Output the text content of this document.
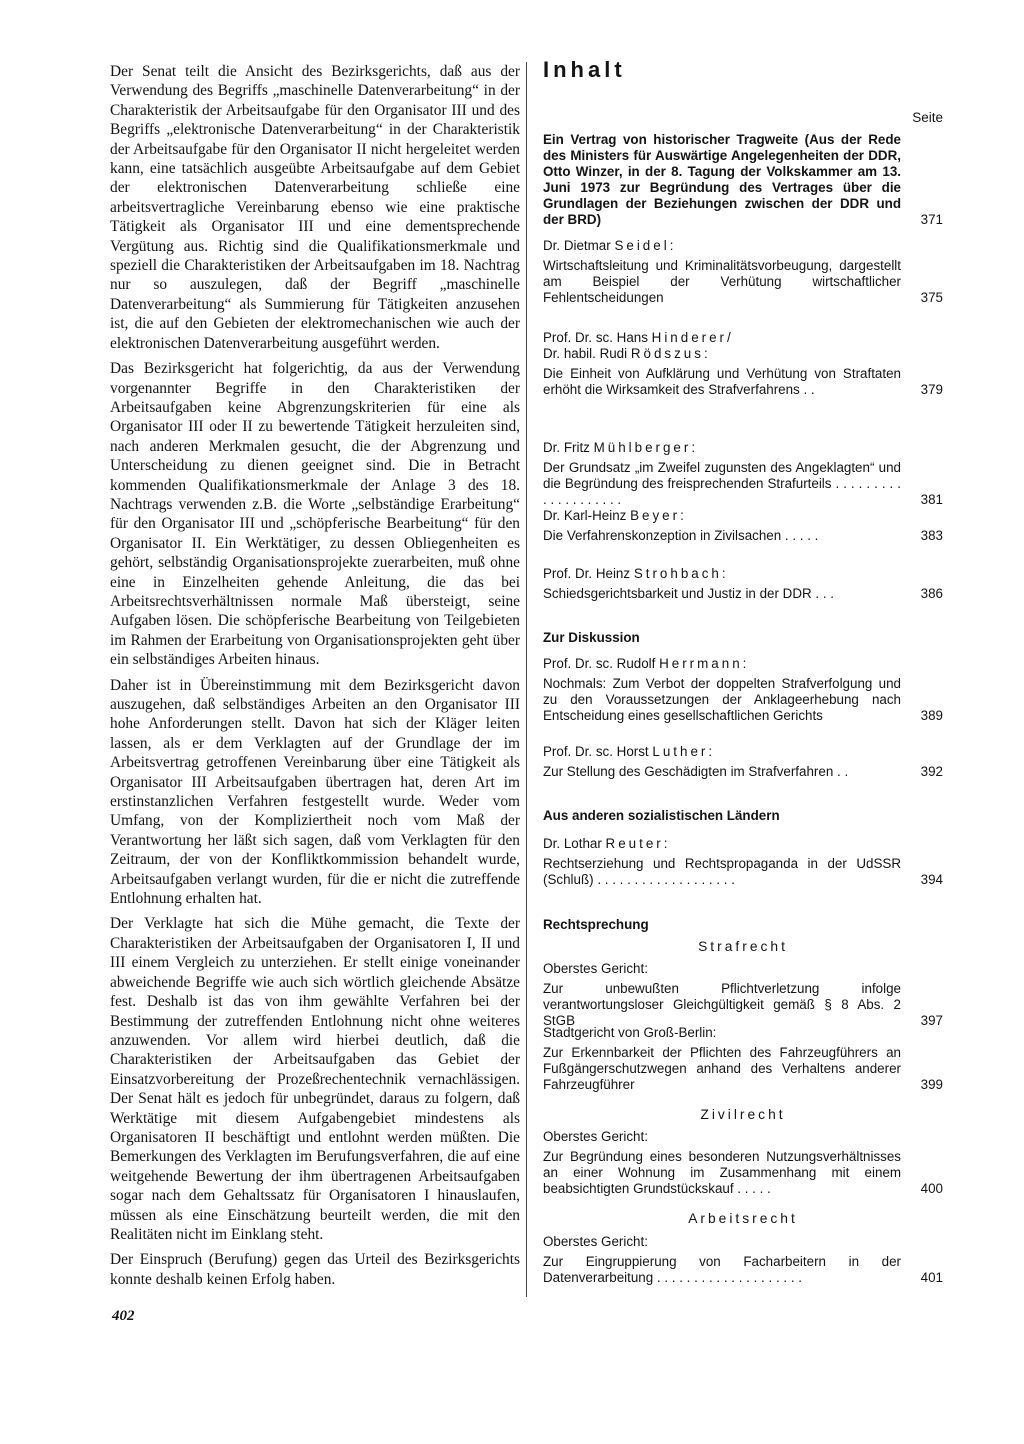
Der Senat teilt die Ansicht des Bezirksgerichts, daß aus der Verwendung des Begriffs „maschinelle Datenverarbeitung“ in der Charakteristik der Arbeitsaufgabe für den Organisator III und des Begriffs „elektronische Datenverarbeitung“ in der Charakteristik der Arbeitsaufgabe für den Organisator II nicht hergeleitet werden kann, eine tatsächlich ausgeübte Arbeitsaufgabe auf dem Gebiet der elektronischen Datenverarbeitung schließe eine arbeitsvertragliche Vereinbarung ebenso wie eine praktische Tätigkeit als Organisator III und eine dementsprechende Vergütung aus. Richtig sind die Qualifikationsmerkmale und speziell die Charakteristiken der Arbeitsaufgaben im 18. Nachtrag nur so auszulegen, daß der Begriff „maschinelle Datenverarbeitung“ als Summierung für Tätigkeiten anzusehen ist, die auf den Gebieten der elektromechanischen wie auch der elektronischen Datenverarbeitung ausgeführt werden.

Das Bezirksgericht hat folgerichtig, da aus der Verwendung vorgenannter Begriffe in den Charakteristiken der Arbeitsaufgaben keine Abgrenzungskriterien für eine als Organisator III oder II zu bewertende Tätigkeit herzuleiten sind, nach anderen Merkmalen gesucht, die der Abgrenzung und Unterscheidung zu dienen geeignet sind. Die in Betracht kommenden Qualifikationsmerkmale der Anlage 3 des 18. Nachtrags verwenden z.B. die Worte „selbständige Erarbeitung“ für den Organisator III und „schöpferische Bearbeitung“ für den Organisator II. Ein Werktätiger, zu dessen Obliegenheiten es gehört, selbständig Organisationsprojekte zuerarbeiten, muß ohne eine in Einzelheiten gehende Anleitung, die das bei Arbeitsrechtsverhältnissen normale Maß übersteigt, seine Aufgaben lösen. Die schöpferische Bearbeitung von Teilgebieten im Rahmen der Erarbeitung von Organisationsprojekten geht über ein selbständiges Arbeiten hinaus.

Daher ist in Übereinstimmung mit dem Bezirksgericht davon auszugehen, daß selbständiges Arbeiten an den Organisator III hohe Anforderungen stellt. Davon hat sich der Kläger leiten lassen, als er dem Verklagten auf der Grundlage der im Arbeitsvertrag getroffenen Vereinbarung über eine Tätigkeit als Organisator III Arbeitsaufgaben übertragen hat, deren Art im erstinstanzlichen Verfahren festgestellt wurde. Weder vom Umfang, von der Kompliziertheit noch vom Maß der Verantwortung her läßt sich sagen, daß vom Verklagten für den Zeitraum, der von der Konfliktkommission behandelt wurde, Arbeitsaufgaben verlangt wurden, für die er nicht die zutreffende Entlohnung erhalten hat.

Der Verklagte hat sich die Mühe gemacht, die Texte der Charakteristiken der Arbeitsaufgaben der Organisatoren I, II und III einem Vergleich zu unterziehen. Er stellt einige voneinander abweichende Begriffe wie auch sich wörtlich gleichende Absätze fest. Deshalb ist das von ihm gewählte Verfahren bei der Bestimmung der zutreffenden Entlohnung nicht ohne weiteres anzuwenden. Vor allem wird hierbei deutlich, daß die Charakteristiken der Arbeitsaufgaben das Gebiet der Einsatzvorbereitung der Prozeßrechentechnik vernachlässigen. Der Senat hält es jedoch für unbegründet, daraus zu folgern, daß Werktätige mit diesem Aufgabengebiet mindestens als Organisatoren II beschäftigt und entlohnt werden müßten. Die Bemerkungen des Verklagten im Berufungsverfahren, die auf eine weitgehende Bewertung der ihm übertragenen Arbeitsaufgaben sogar nach dem Gehaltssatz für Organisatoren I hinauslaufen, müssen als eine Einschätzung beurteilt werden, die mit den Realitäten nicht im Einklang steht.

Der Einspruch (Berufung) gegen das Urteil des Bezirksgerichts konnte deshalb keinen Erfolg haben.

402
Inhalt
Seite
Ein Vertrag von historischer Tragweite (Aus der Rede des Ministers für Auswärtige Angelegenheiten der DDR, Otto Winzer, in der 8. Tagung der Volkskammer am 13. Juni 1973 zur Begründung des Vertrages über die Grundlagen der Beziehungen zwischen der DDR und der BRD)	371

Dr. Dietmar Seidel:

Wirtschaftsleitung und Kriminalitätsvorbeugung, dargestellt am Beispiel der Verhütung wirtschaftlicher Fehlentscheidungen	375

Prof. Dr. sc. Hans Hinderer/

Dr. habil. Rudi Rödszus:

Die Einheit von Aufklärung und Verhütung von Straftaten erhöht die Wirksamkeit des Strafverfahrens . .	379

Dr. Fritz Mühlberger:

Der Grundsatz „im Zweifel zugunsten des Angeklagten“ und die Begründung des freisprechenden Strafurteils . . . . . . . . . . . . . . . . . . . .	381

Dr. Karl-Heinz Beyer:

Die Verfahrenskonzeption in Zivilsachen . . . . .	383

Prof. Dr. Heinz Strohbach:

Schiedsgerichtsbarkeit und Justiz in der DDR . . .	386
Zur Diskussion

Prof. Dr. sc. Rudolf Herrmann:

Nochmals: Zum Verbot der doppelten Strafverfolgung und zu den Voraussetzungen der Anklageerhebung nach Entscheidung eines gesellschaftlichen Gerichts	389

Prof. Dr. sc. Horst Luther:

Zur Stellung des Geschädigten im Strafverfahren . .	392
Aus anderen sozialistischen Ländern

Dr. Lothar Reuter:

Rechtserziehung und Rechtspropaganda in der UdSSR (Schluß) . . . . . . . . . . . . . . . . . . .	394
Rechtsprechung
Strafrecht

Oberstes Gericht:

Zur unbewußten Pflichtverletzung infolge verantwortungsloser Gleichgültigkeit gemäß § 8 Abs. 2 StGB	397

Stadtgericht von Groß-Berlin:

Zur Erkennbarkeit der Pflichten des Fahrzeugführers an Fußgängerschutzwegen anhand des Verhaltens anderer Fahrzeugführer	399
Zivilrecht

Oberstes Gericht:

Zur Begründung eines besonderen Nutzungsverhältnisses an einer Wohnung im Zusammenhang mit einem beabsichtigten Grundstückskauf . . . . .	400
Arbeitsrecht

Oberstes Gericht:

Zur Eingruppierung von Facharbeitern in der Datenverarbeitung . . . . . . . . . . . . . . . . . . . .	401
